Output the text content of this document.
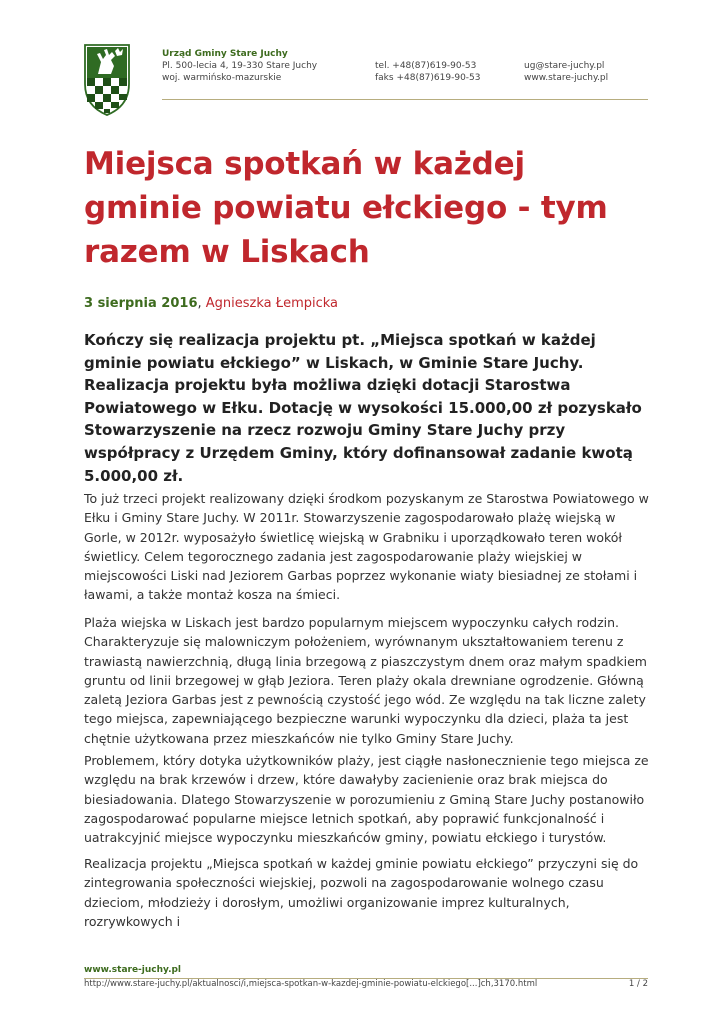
Urząd Gminy Stare Juchy
Pl. 500-lecia 4, 19-330 Stare Juchy
woj. warmińsko-mazurskie
tel. +48(87)619-90-53
faks +48(87)619-90-53
ug@stare-juchy.pl
www.stare-juchy.pl
Miejsca spotkań w każdej gminie powiatu ełckiego - tym razem w Liskach
3 sierpnia 2016, Agnieszka Łempicka

Kończy się realizacja projektu pt. „Miejsca spotkań w każdej gminie powiatu ełckiego” w Liskach, w Gminie Stare Juchy. Realizacja projektu była możliwa dzięki dotacji Starostwa Powiatowego w Ełku. Dotację w wysokości 15.000,00 zł pozyskało Stowarzyszenie na rzecz rozwoju Gminy Stare Juchy przy współpracy z Urzędem Gminy, który dofinansował zadanie kwotą 5.000,00 zł.

To już trzeci projekt realizowany dzięki środkom pozyskanym ze Starostwa Powiatowego w Ełku i Gminy Stare Juchy. W 2011r. Stowarzyszenie zagospodarowało plażę wiejską w Gorle, w 2012r. wyposażyło świetlicę wiejską w Grabniku i uporządkowało teren wokół świetlicy. Celem tegorocznego zadania jest zagospodarowanie plaży wiejskiej w miejscowości Liski nad Jeziorem Garbas poprzez wykonanie wiaty biesiadnej ze stołami i ławami, a także montaż kosza na śmieci.

Plaża wiejska w Liskach jest bardzo popularnym miejscem wypoczynku całych rodzin. Charakteryzuje się malowniczym położeniem, wyrównanym ukształtowaniem terenu z trawiastą nawierzchnią, długą linia brzegową z piaszczystym dnem oraz małym spadkiem gruntu od linii brzegowej w głąb Jeziora. Teren plaży okala drewniane ogrodzenie. Główną zaletą Jeziora Garbas jest z pewnością czystość jego wód. Ze względu na tak liczne zalety tego miejsca, zapewniającego bezpieczne warunki wypoczynku dla dzieci, plaża ta jest chętnie użytkowana przez mieszkańców nie tylko Gminy Stare Juchy.

Problemem, który dotyka użytkowników plaży, jest ciągłe nasłonecznienie tego miejsca ze względu na brak krzewów i drzew, które dawałyby zacienienie oraz brak miejsca do biesiadowania. Dlatego Stowarzyszenie w porozumieniu z Gminą Stare Juchy postanowiło zagospodarować popularne miejsce letnich spotkań, aby poprawić funkcjonalność i uatrakcyjnić miejsce wypoczynku mieszkańców gminy, powiatu ełckiego i turystów.

Realizacja projektu „Miejsca spotkań w każdej gminie powiatu ełckiego” przyczyni się do zintegrowania społeczności wiejskiej, pozwoli na zagospodarowanie wolnego czasu dzieciom, młodzieży i dorosłym, umożliwi organizowanie imprez kulturalnych, rozrywkowych i

www.stare-juchy.pl
http://www.stare-juchy.pl/aktualnosci/i,miejsca-spotkan-w-kazdej-gminie-powiatu-elckiego[...]ch,3170.html	1 / 2
